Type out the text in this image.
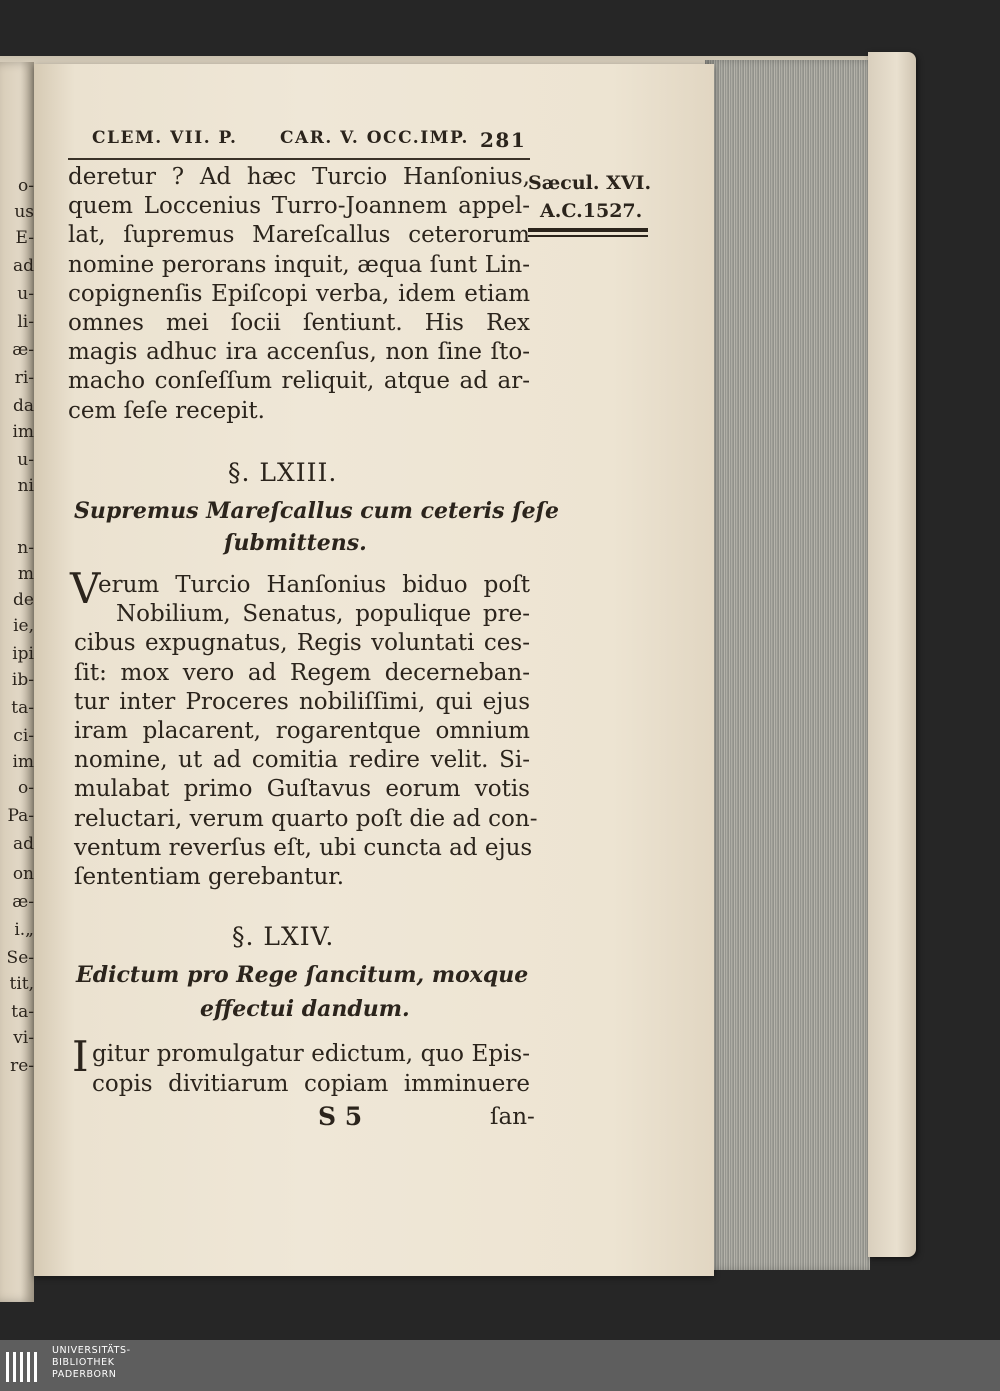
o-
us
E-
ad
u-
li-
æ-
ri-
da
im
u-
ni
n-
m
de
ie,
ipi
ib-
ta-
ci-
im
o-
Pa-
ad
on
æ-
i.„
Se-
tit,
ta-
vi-
re-
CLEM. VII. P.	CAR. V. OCC.IMP. 281
Sæcul. XVI.
A.C.1527.
deretur ? Ad hæc Turcio Hanſonius,
quem Loccenius Turro-Joannem appel-
lat, ſupremus Mareſcallus ceterorum
nomine perorans inquit, æqua ſunt Lin-
copignenſis Epiſcopi verba, idem etiam
omnes mei ſocii ſentiunt. His Rex
magis adhuc ira accenſus, non ſine ſto-
macho conſeſſum reliquit, atque ad ar-
cem ſeſe recepit.
§. LXIII.
Supremus Mareſcallus cum ceteris ſeſe
ſubmittens.
V
erum Turcio Hanſonius biduo poſt
Nobilium, Senatus, populique pre-
cibus expugnatus, Regis voluntati ces-
ſit: mox vero ad Regem decerneban-
tur inter Proceres nobiliſſimi, qui ejus
iram placarent, rogarentque omnium
nomine, ut ad comitia redire velit. Si-
mulabat primo Guſtavus eorum votis
reluctari, verum quarto poſt die ad con-
ventum reverſus eſt, ubi cuncta ad ejus
ſententiam gerebantur.
§. LXIV.
Edictum pro Rege ſancitum, moxque
effectui dandum.
I gitur promulgatur edictum, quo Epis-
copis divitiarum copiam imminuere
S 5	ſan-
UNIVERSITÄTS-
BIBLIOTHEK
PADERBORN
